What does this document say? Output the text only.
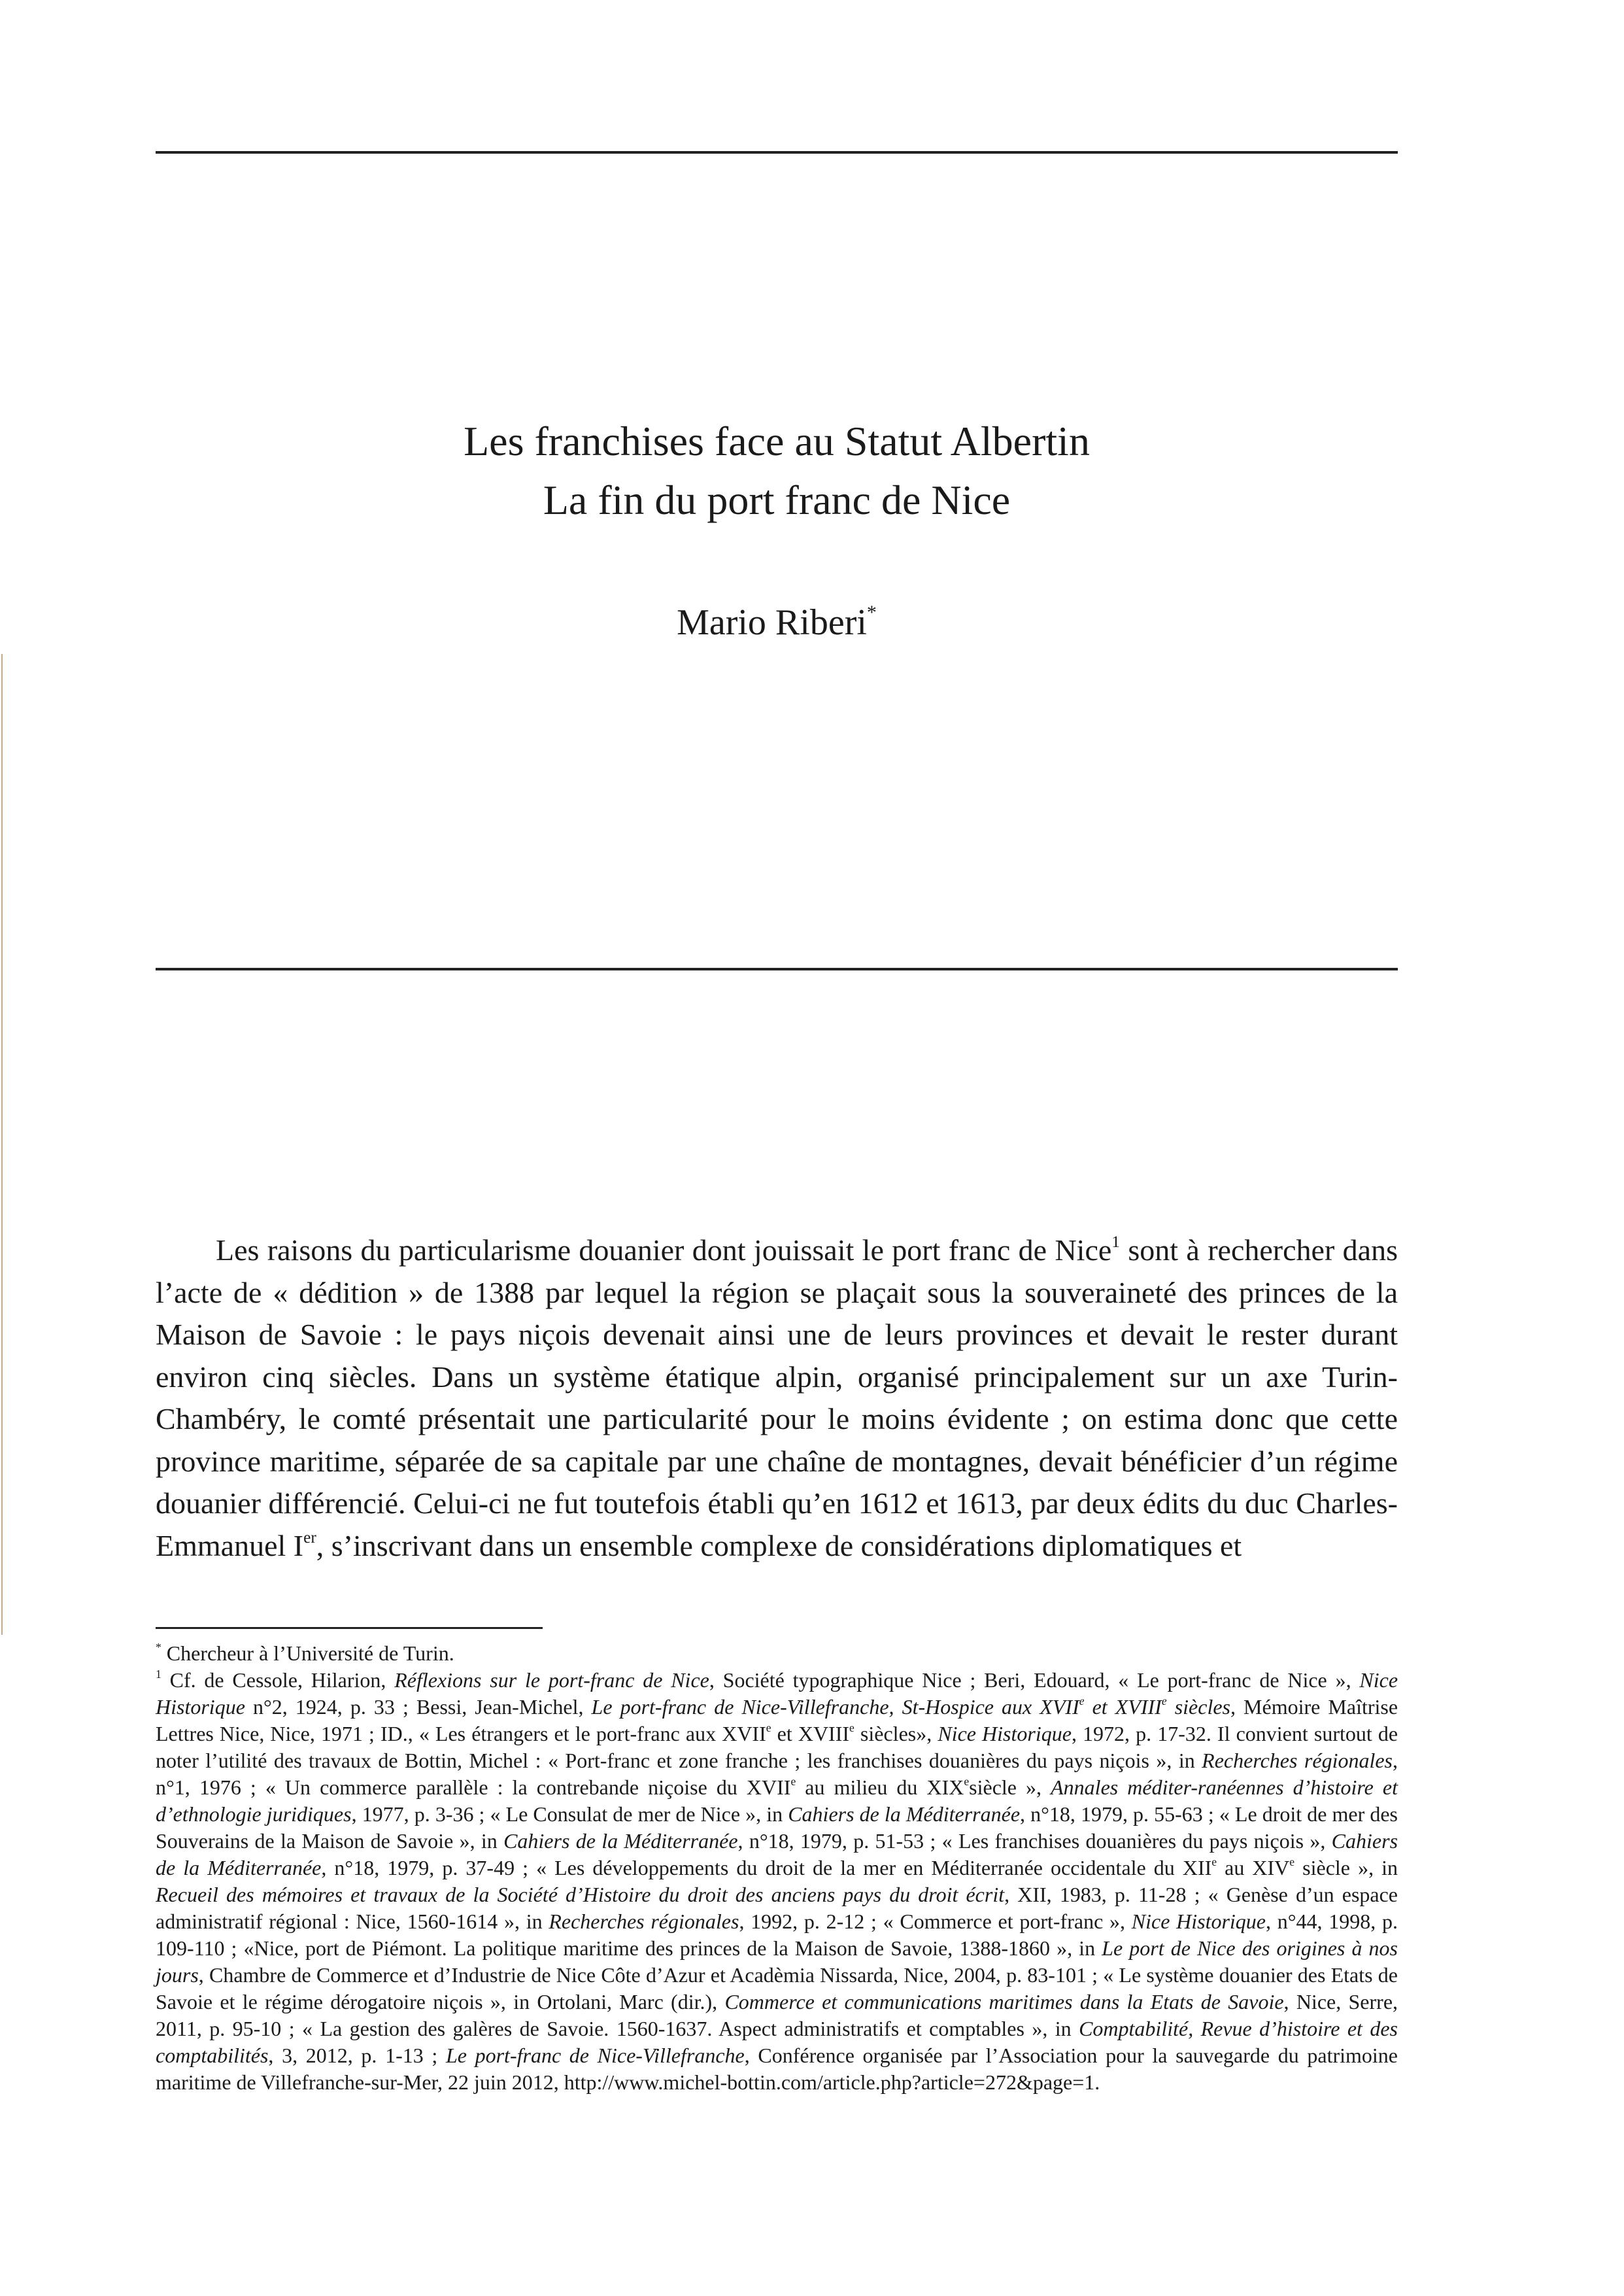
Les franchises face au Statut Albertin
La fin du port franc de Nice
Mario Riberi*

Les raisons du particularisme douanier dont jouissait le port franc de Nice$^1$ sont à rechercher dans l’acte de « dédition » de 1388 par lequel la région se plaçait sous la souveraineté des princes de la Maison de Savoie : le pays niçois devenait ainsi une de leurs provinces et devait le rester durant environ cinq siècles. Dans un système étatique alpin, organisé principalement sur un axe Turin-Chambéry, le comté présentait une particularité pour le moins évidente ; on estima donc que cette province maritime, séparée de sa capitale par une chaîne de montagnes, devait bénéficier d’un régime douanier différencié. Celui-ci ne fut toutefois établi qu’en 1612 et 1613, par deux édits du duc Charles-Emmanuel Ier, s’inscrivant dans un ensemble complexe de considérations diplomatiques et

* Chercheur à l’Université de Turin.

$^1$ Cf. de Cessole, Hilarion, Réflexions sur le port-franc de Nice, Société typographique Nice ; Beri, Edouard, « Le port-franc de Nice », Nice Historique n°2, 1924, p. 33 ; Bessi, Jean-Michel, Le port-franc de Nice-Villefranche, St-Hospice aux XVIIe et XVIIIe siècles, Mémoire Maîtrise Lettres Nice, Nice, 1971 ; ID., « Les étrangers et le port-franc aux XVIIe et XVIIIe siècles», Nice Historique, 1972, p. 17-32. Il convient surtout de noter l’utilité des travaux de Bottin, Michel : « Port-franc et zone franche ; les franchises douanières du pays niçois », in Recherches régionales, n°1, 1976 ; « Un commerce parallèle : la contrebande niçoise du XVIIe au milieu du XIXesiècle », Annales méditer-ranéennes d’histoire et d’ethnologie juridiques, 1977, p. 3-36 ; « Le Consulat de mer de Nice », in Cahiers de la Méditerranée, n°18, 1979, p. 55-63 ; « Le droit de mer des Souverains de la Maison de Savoie », in Cahiers de la Méditerranée, n°18, 1979, p. 51-53 ; « Les franchises douanières du pays niçois », Cahiers de la Méditerranée, n°18, 1979, p. 37-49 ; « Les développements du droit de la mer en Méditerranée occidentale du XIIe au XIVe siècle », in Recueil des mémoires et travaux de la Société d’Histoire du droit des anciens pays du droit écrit, XII, 1983, p. 11-28 ; « Genèse d’un espace administratif régional : Nice, 1560-1614 », in Recherches régionales, 1992, p. 2-12 ; « Commerce et port-franc », Nice Historique, n°44, 1998, p. 109-110 ; «Nice, port de Piémont. La politique maritime des princes de la Maison de Savoie, 1388-1860 », in Le port de Nice des origines à nos jours, Chambre de Commerce et d’Industrie de Nice Côte d’Azur et Acadèmia Nissarda, Nice, 2004, p. 83-101 ; « Le système douanier des Etats de Savoie et le régime dérogatoire niçois », in Ortolani, Marc (dir.), Commerce et communications maritimes dans la Etats de Savoie, Nice, Serre, 2011, p. 95-10 ; « La gestion des galères de Savoie. 1560-1637. Aspect administratifs et comptables », in Comptabilité, Revue d’histoire et des comptabilités, 3, 2012, p. 1-13 ; Le port-franc de Nice-Villefranche, Conférence organisée par l’Association pour la sauvegarde du patrimoine maritime de Villefranche-sur-Mer, 22 juin 2012, http://www.michel-bottin.com/article.php?article=272&page=1.
